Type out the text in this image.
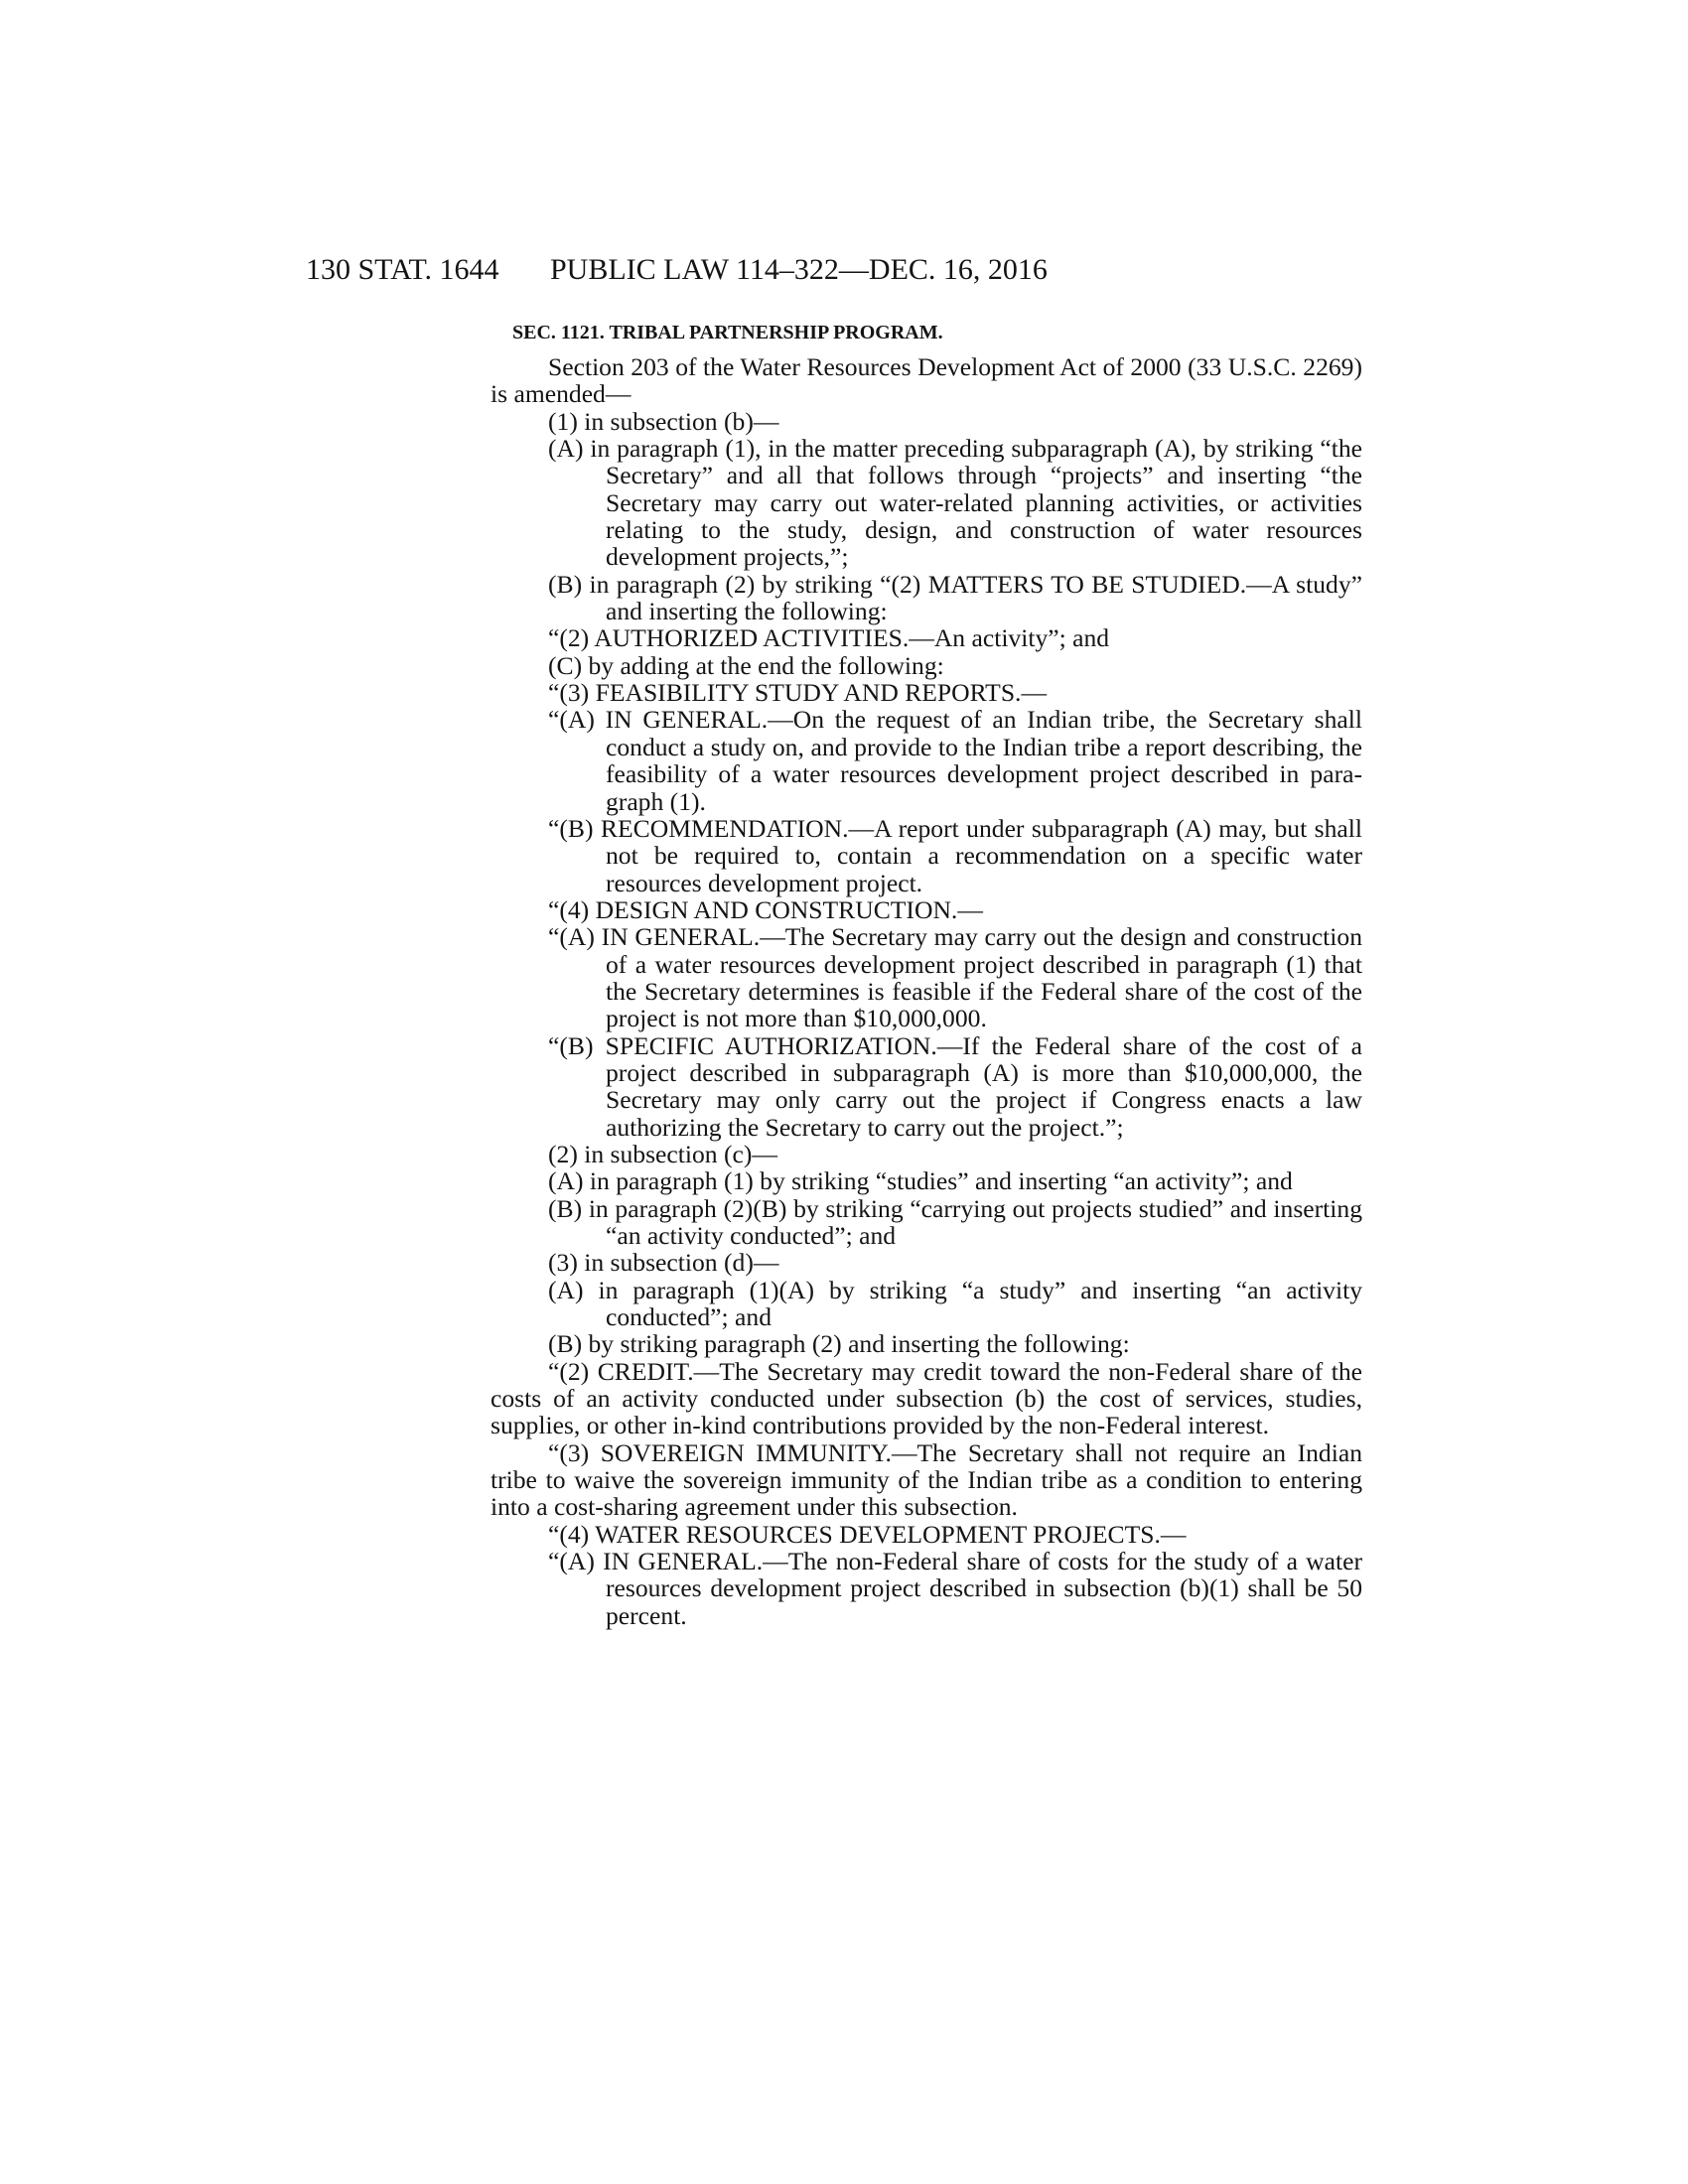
130 STAT. 1644 PUBLIC LAW 114–322—DEC. 16, 2016
SEC. 1121. TRIBAL PARTNERSHIP PROGRAM.

Section 203 of the Water Resources Development Act of 2000 (33 U.S.C. 2269) is amended—

(1) in subsection (b)—

(A) in paragraph (1), in the matter preceding subparagraph (A), by striking “the Secretary” and all that follows through “projects” and inserting “the Secretary may carry out water-related planning activities, or activities relating to the study, design, and construction of water resources development projects,”;

(B) in paragraph (2) by striking “(2) MATTERS TO BE STUDIED.—A study” and inserting the following:

“(2) AUTHORIZED ACTIVITIES.—An activity”; and

(C) by adding at the end the following:

“(3) FEASIBILITY STUDY AND REPORTS.—

“(A) IN GENERAL.—On the request of an Indian tribe, the Secretary shall conduct a study on, and provide to the Indian tribe a report describing, the feasibility of a water resources development project described in paragraph (1).

“(B) RECOMMENDATION.—A report under subparagraph (A) may, but shall not be required to, contain a recommendation on a specific water resources development project.

“(4) DESIGN AND CONSTRUCTION.—

“(A) IN GENERAL.—The Secretary may carry out the design and construction of a water resources development project described in paragraph (1) that the Secretary determines is feasible if the Federal share of the cost of the project is not more than $10,000,000.

“(B) SPECIFIC AUTHORIZATION.—If the Federal share of the cost of a project described in subparagraph (A) is more than $10,000,000, the Secretary may only carry out the project if Congress enacts a law authorizing the Secretary to carry out the project.”;

(2) in subsection (c)—

(A) in paragraph (1) by striking “studies” and inserting “an activity”; and

(B) in paragraph (2)(B) by striking “carrying out projects studied” and inserting “an activity conducted”; and

(3) in subsection (d)—

(A) in paragraph (1)(A) by striking “a study” and inserting “an activity conducted”; and

(B) by striking paragraph (2) and inserting the following:

“(2) CREDIT.—The Secretary may credit toward the non-Federal share of the costs of an activity conducted under subsection (b) the cost of services, studies, supplies, or other in-kind contributions provided by the non-Federal interest.

“(3) SOVEREIGN IMMUNITY.—The Secretary shall not require an Indian tribe to waive the sovereign immunity of the Indian tribe as a condition to entering into a cost-sharing agreement under this subsection.

“(4) WATER RESOURCES DEVELOPMENT PROJECTS.—

“(A) IN GENERAL.—The non-Federal share of costs for the study of a water resources development project described in subsection (b)(1) shall be 50 percent.
